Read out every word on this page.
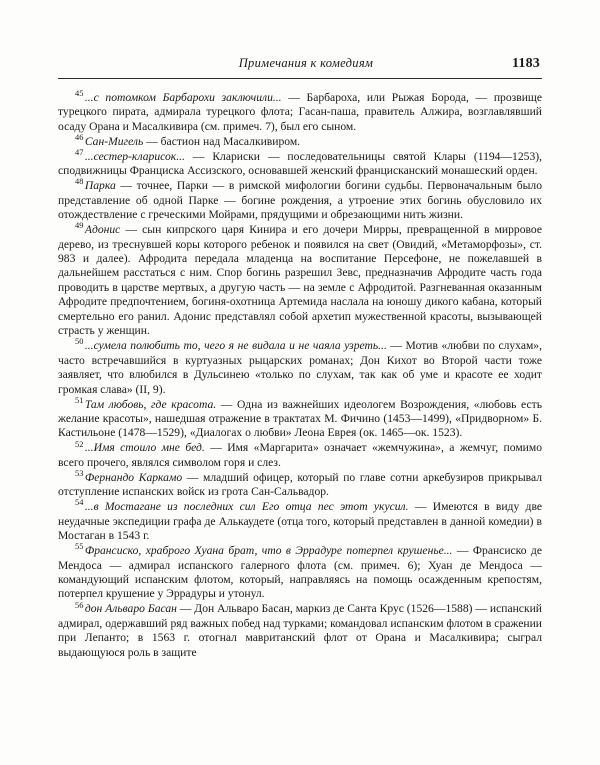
Примечания к комедиям	1183

$^{45}$ ...с потомком Барбарохи заключили... — Барбароха, или Рыжая Борода, — прозвище турецкого пирата, адмирала турецкого флота; Гасан-паша, правитель Алжира, возглавлявший осаду Орана и Масалкивира (см. примеч. 7), был его сыном.

$^{46}$ Сан-Мигель — бастион над Масалкивиром.

$^{47}$ ...сестер-кларисок... — Клариски — последовательницы святой Клары (1194—1253), сподвижницы Франциска Ассизского, основавшей женский францисканский монашеский орден.

$^{48}$ Парка — точнее, Парки — в римской мифологии богини судьбы. Первоначальным было представление об одной Парке — богине рождения, а утроение этих богинь обусловило их отождествление с греческими Мойрами, прядущими и обрезающими нить жизни.

$^{49}$ Адонис — сын кипрского царя Кинира и его дочери Мирры, превращенной в мирровое дерево, из треснувшей коры которого ребенок и появился на свет (Овидий, «Метаморфозы», ст. 983 и далее). Афродита передала младенца на воспитание Персефоне, не пожелавшей в дальнейшем расстаться с ним. Спор богинь разрешил Зевс, предназначив Афродите часть года проводить в царстве мертвых, а другую часть — на земле с Афродитой. Разгневанная оказанным Афродите предпочтением, богиня-охотница Артемида наслала на юношу дикого кабана, который смертельно его ранил. Адонис представлял собой архетип мужественной красоты, вызывающей страсть у женщин.

$^{50}$ ...сумела полюбить то, чего я не видала и не чаяла узреть... — Мотив «любви по слухам», часто встречавшийся в куртуазных рыцарских романах; Дон Кихот во Второй части тоже заявляет, что влюбился в Дульсинею «только по слухам, так как об уме и красоте ее ходит громкая слава» (II, 9).

$^{51}$ Там любовь, где красота. — Одна из важнейших идеологем Возрождения, «любовь есть желание красоты», нашедшая отражение в трактатах М. Фичино (1453—1499), «Придворном» Б. Кастильоне (1478—1529), «Диалогах о любви» Леона Еврея (ок. 1465—ок. 1523).

$^{52}$ ...Имя стоило мне бед. — Имя «Маргарита» означает «жемчужина», а жемчуг, помимо всего прочего, являлся символом горя и слез.

$^{53}$ Фернандо Каркамо — младший офицер, который по главе сотни аркебузиров прикрывал отступление испанских войск из грота Сан-Сальвадор.

$^{54}$ ...в Мостагане из последних сил Его отца пес этот укусил. — Имеются в виду две неудачные экспедиции графа де Алькаудете (отца того, который представлен в данной комедии) в Мостаган в 1543 г.

$^{55}$ Франсиско, храброго Хуана брат, что в Эррадуре потерпел крушенье... — Франсиско де Мендоса — адмирал испанского галерного флота (см. примеч. 6); Хуан де Мендоса — командующий испанским флотом, который, направляясь на помощь осажденным крепостям, потерпел крушение у Эррадуры и утонул.

$^{56}$ дон Альваро Басан — Дон Альваро Басан, маркиз де Санта Крус (1526—1588) — испанский адмирал, одержавший ряд важных побед над турками; командовал испанским флотом в сражении при Лепанто; в 1563 г. отогнал мавританский флот от Орана и Масалкивира; сыграл выдающуюся роль в защите
